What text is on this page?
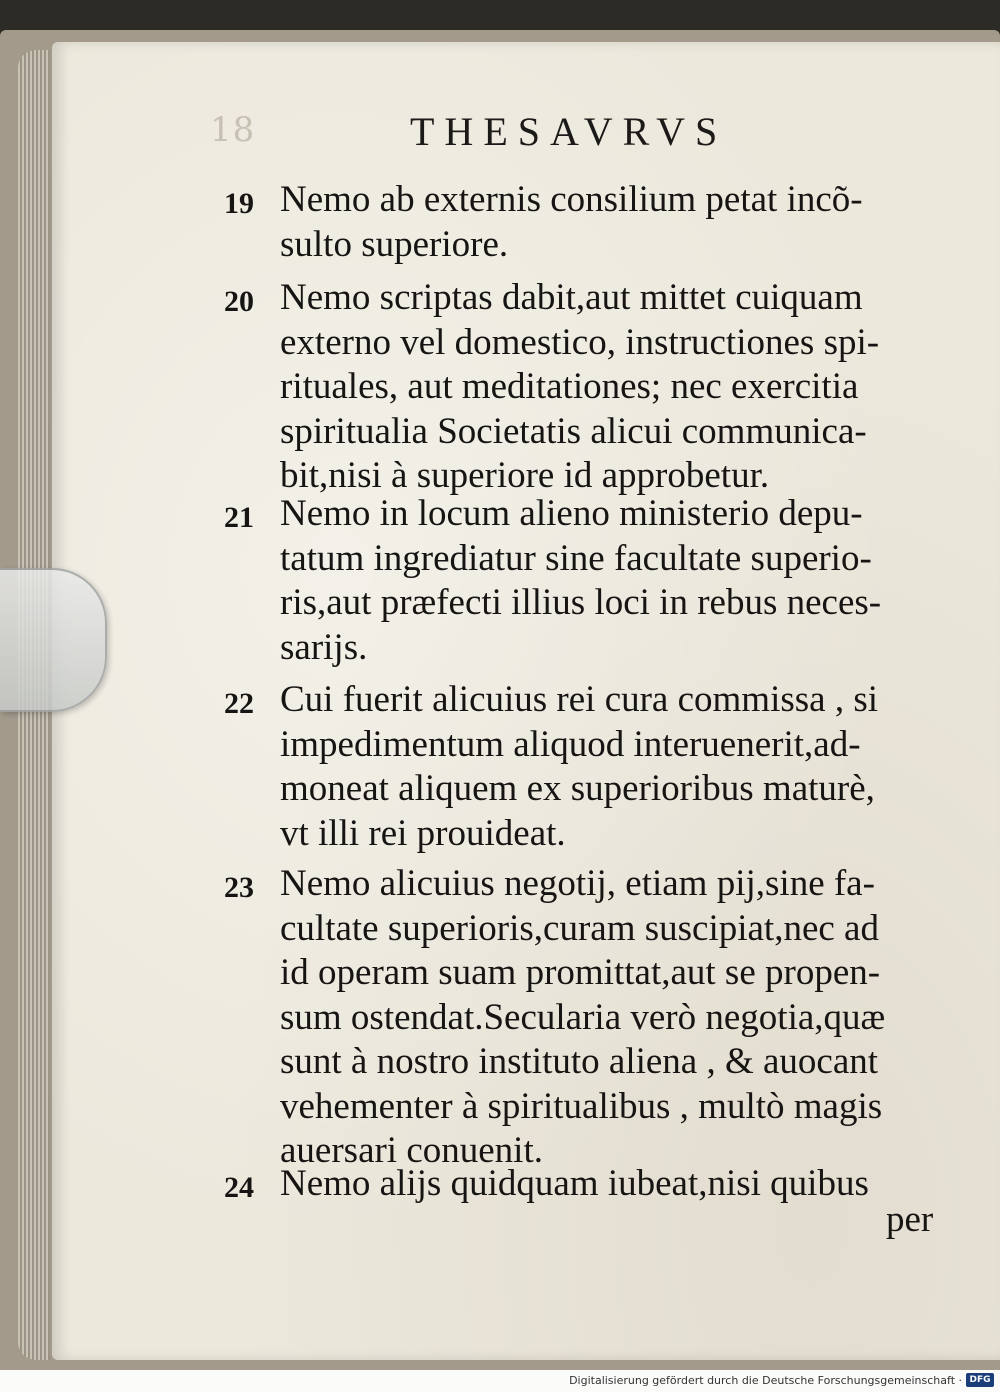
18	THESAVRVS
19 Nemo ab externis consilium petat incõ-
sulto superiore.
20 Nemo scriptas dabit,aut mittet cuiquam
externo vel domestico, instructiones spi-
rituales, aut meditationes; nec exercitia
spiritualia Societatis alicui communica-
bit,nisi à superiore id approbetur.
21 Nemo in locum alieno ministerio depu-
tatum ingrediatur sine facultate superio-
ris,aut præfecti illius loci in rebus neces-
sarijs.
22 Cui fuerit alicuius rei cura commissa , si
impedimentum aliquod interuenerit,ad-
moneat aliquem ex superioribus maturè,
vt illi rei prouideat.
23 Nemo alicuius negotij, etiam pij,sine fa-
cultate superioris,curam suscipiat,nec ad
id operam suam promittat,aut se propen-
sum ostendat.Secularia verò negotia,quæ
sunt à nostro instituto aliena , & auocant
vehementer à spiritualibus , multò magis
auersari conuenit.
24 Nemo alijs quidquam iubeat,nisi quibus
per
Digitalisierung gefördert durch die Deutsche Forschungsgemeinschaft · DFG
